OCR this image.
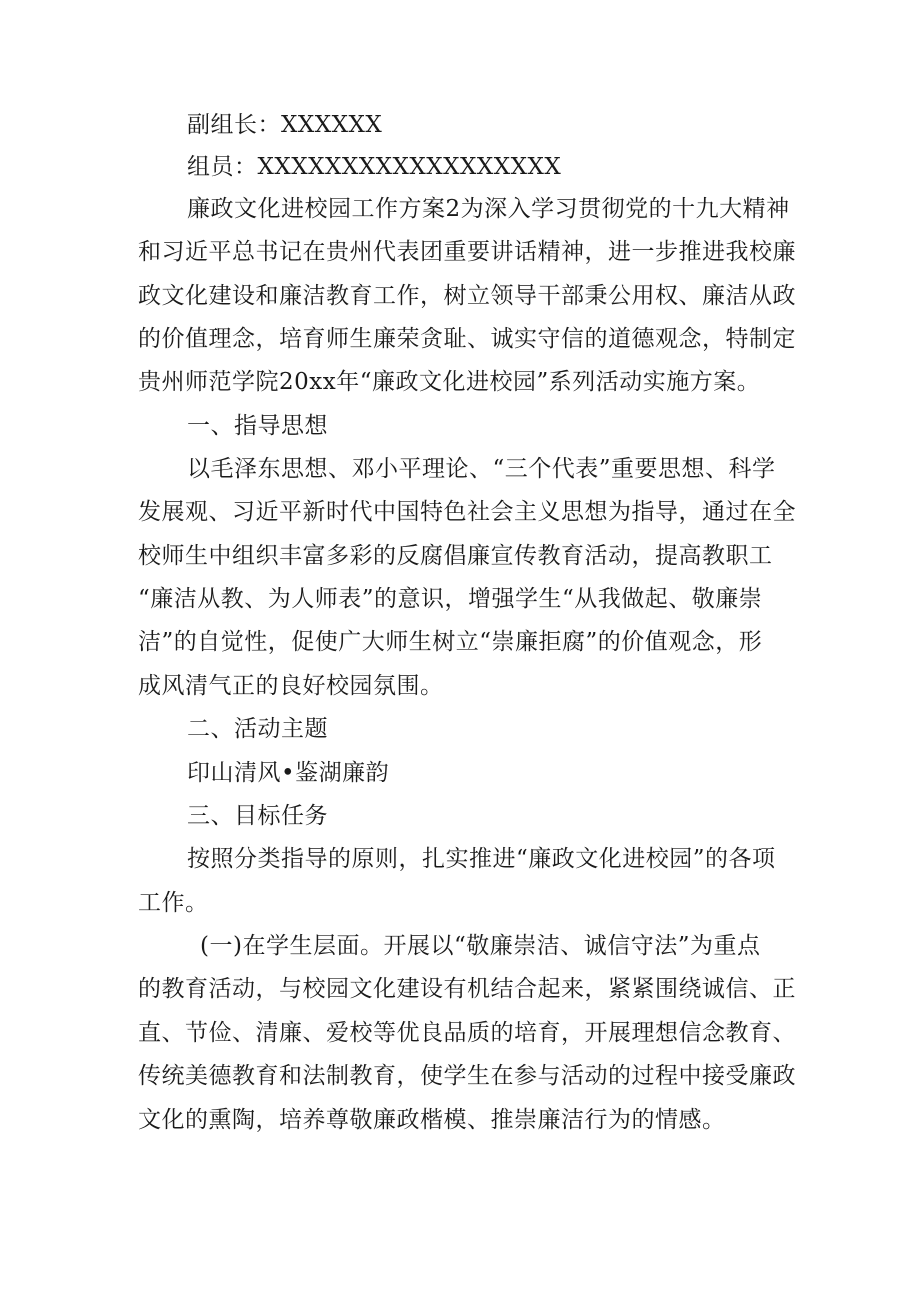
副组长：XXXXXX
组员：XXXXXXXXXXXXXXXXXX
廉政文化进校园工作方案2为深入学习贯彻党的十九大精神
和习近平总书记在贵州代表团重要讲话精神，进一步推进我校廉
政文化建设和廉洁教育工作，树立领导干部秉公用权、廉洁从政
的价值理念，培育师生廉荣贪耻、诚实守信的道德观念，特制定
贵州师范学院20xx年“廉政文化进校园”系列活动实施方案。
一、指导思想
以毛泽东思想、邓小平理论、“三个代表”重要思想、科学
发展观、习近平新时代中国特色社会主义思想为指导，通过在全
校师生中组织丰富多彩的反腐倡廉宣传教育活动，提高教职工
“廉洁从教、为人师表”的意识，增强学生“从我做起、敬廉崇
洁”的自觉性，促使广大师生树立“崇廉拒腐”的价值观念，形
成风清气正的良好校园氛围。
二、活动主题
印山清风•鉴湖廉韵
三、目标任务
按照分类指导的原则，扎实推进“廉政文化进校园”的各项
工作。
(一)在学生层面。开展以“敬廉崇洁、诚信守法”为重点
的教育活动，与校园文化建设有机结合起来，紧紧围绕诚信、正
直、节俭、清廉、爱校等优良品质的培育，开展理想信念教育、
传统美德教育和法制教育，使学生在参与活动的过程中接受廉政
文化的熏陶，培养尊敬廉政楷模、推崇廉洁行为的情感。
